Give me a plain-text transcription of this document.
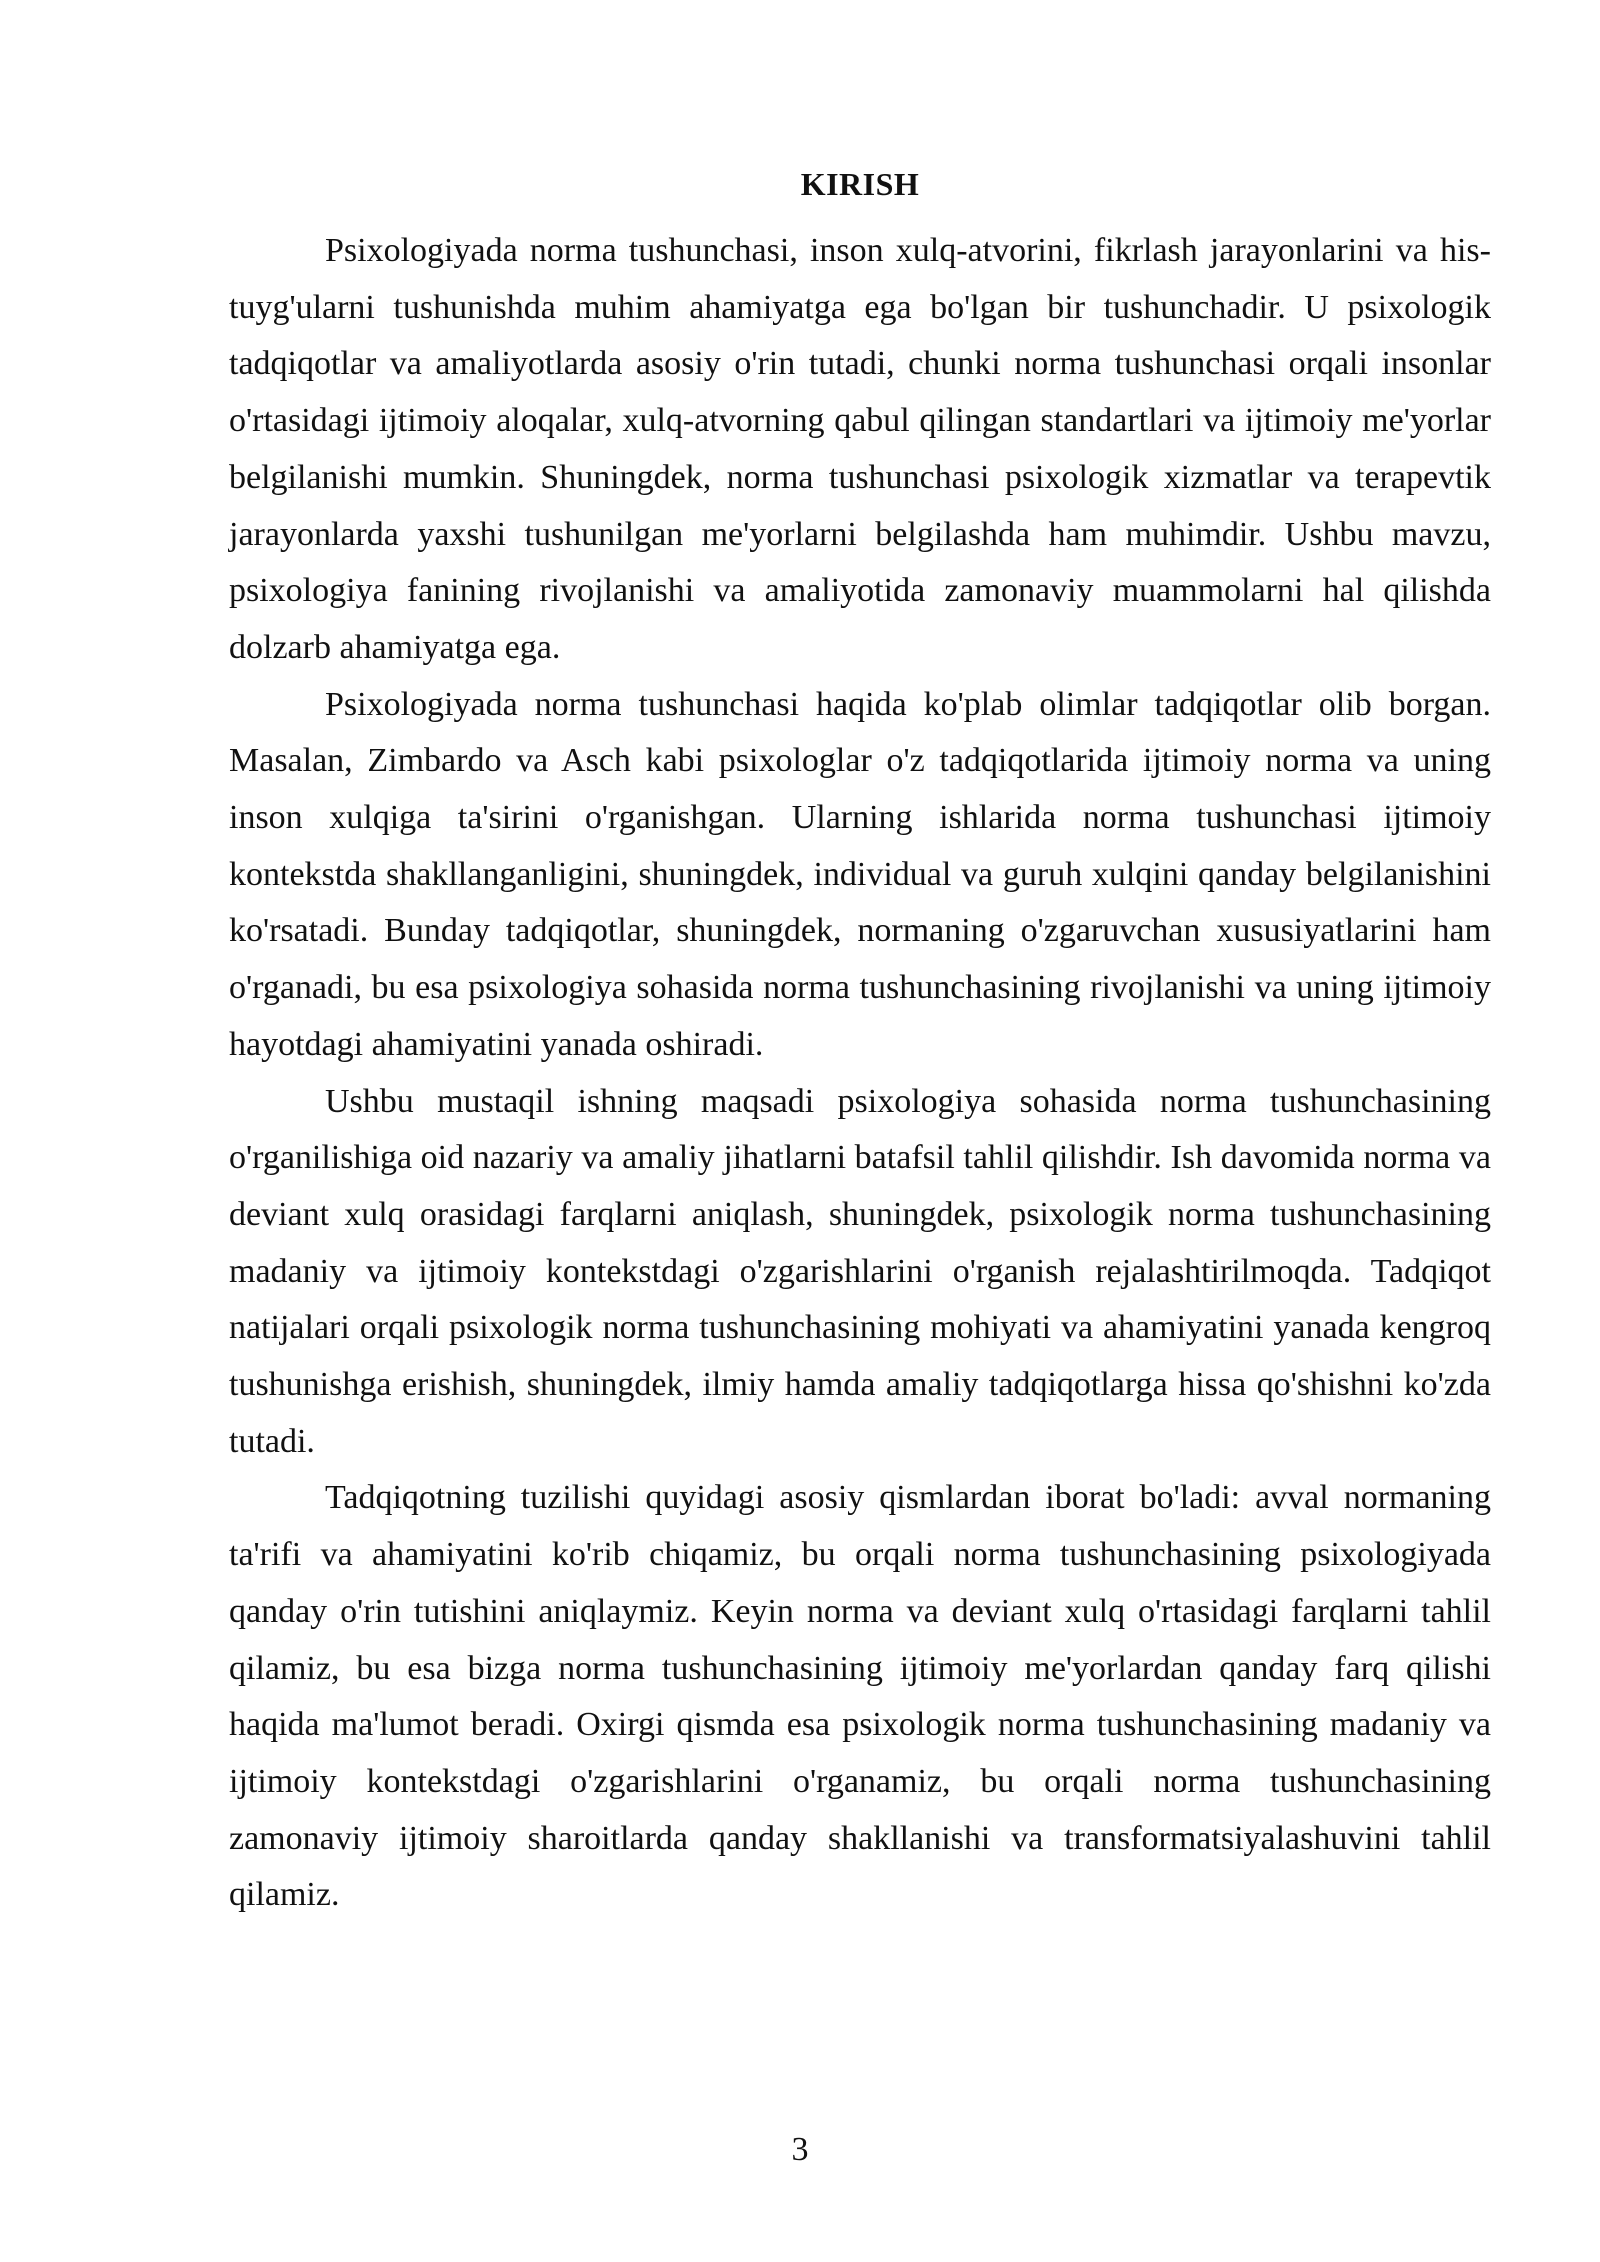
KIRISH

Psixologiyada norma tushunchasi, inson xulq-atvorini, fikrlash jarayonlarini va his-tuyg'ularni tushunishda muhim ahamiyatga ega bo'lgan bir tushunchadir. U psixologik tadqiqotlar va amaliyotlarda asosiy o'rin tutadi, chunki norma tushunchasi orqali insonlar o'rtasidagi ijtimoiy aloqalar, xulq-atvorning qabul qilingan standartlari va ijtimoiy me'yorlar belgilanishi mumkin. Shuningdek, norma tushunchasi psixologik xizmatlar va terapevtik jarayonlarda yaxshi tushunilgan me'yorlarni belgilashda ham muhimdir. Ushbu mavzu, psixologiya fanining rivojlanishi va amaliyotida zamonaviy muammolarni hal qilishda dolzarb ahamiyatga ega.

Psixologiyada norma tushunchasi haqida ko'plab olimlar tadqiqotlar olib borgan. Masalan, Zimbardo va Asch kabi psixologlar o'z tadqiqotlarida ijtimoiy norma va uning inson xulqiga ta'sirini o'rganishgan. Ularning ishlarida norma tushunchasi ijtimoiy kontekstda shakllanganligini, shuningdek, individual va guruh xulqini qanday belgilanishini ko'rsatadi. Bunday tadqiqotlar, shuningdek, normaning o'zgaruvchan xususiyatlarini ham o'rganadi, bu esa psixologiya sohasida norma tushunchasining rivojlanishi va uning ijtimoiy hayotdagi ahamiyatini yanada oshiradi.

Ushbu mustaqil ishning maqsadi psixologiya sohasida norma tushunchasining o'rganilishiga oid nazariy va amaliy jihatlarni batafsil tahlil qilishdir. Ish davomida norma va deviant xulq orasidagi farqlarni aniqlash, shuningdek, psixologik norma tushunchasining madaniy va ijtimoiy kontekstdagi o'zgarishlarini o'rganish rejalashtirilmoqda. Tadqiqot natijalari orqali psixologik norma tushunchasining mohiyati va ahamiyatini yanada kengroq tushunishga erishish, shuningdek, ilmiy hamda amaliy tadqiqotlarga hissa qo'shishni ko'zda tutadi.

Tadqiqotning tuzilishi quyidagi asosiy qismlardan iborat bo'ladi: avval normaning ta'rifi va ahamiyatini ko'rib chiqamiz, bu orqali norma tushunchasining psixologiyada qanday o'rin tutishini aniqlaymiz. Keyin norma va deviant xulq o'rtasidagi farqlarni tahlil qilamiz, bu esa bizga norma tushunchasining ijtimoiy me'yorlardan qanday farq qilishi haqida ma'lumot beradi. Oxirgi qismda esa psixologik norma tushunchasining madaniy va ijtimoiy kontekstdagi o'zgarishlarini o'rganamiz, bu orqali norma tushunchasining zamonaviy ijtimoiy sharoitlarda qanday shakllanishi va transformatsiyalashuvini tahlil qilamiz.

3
